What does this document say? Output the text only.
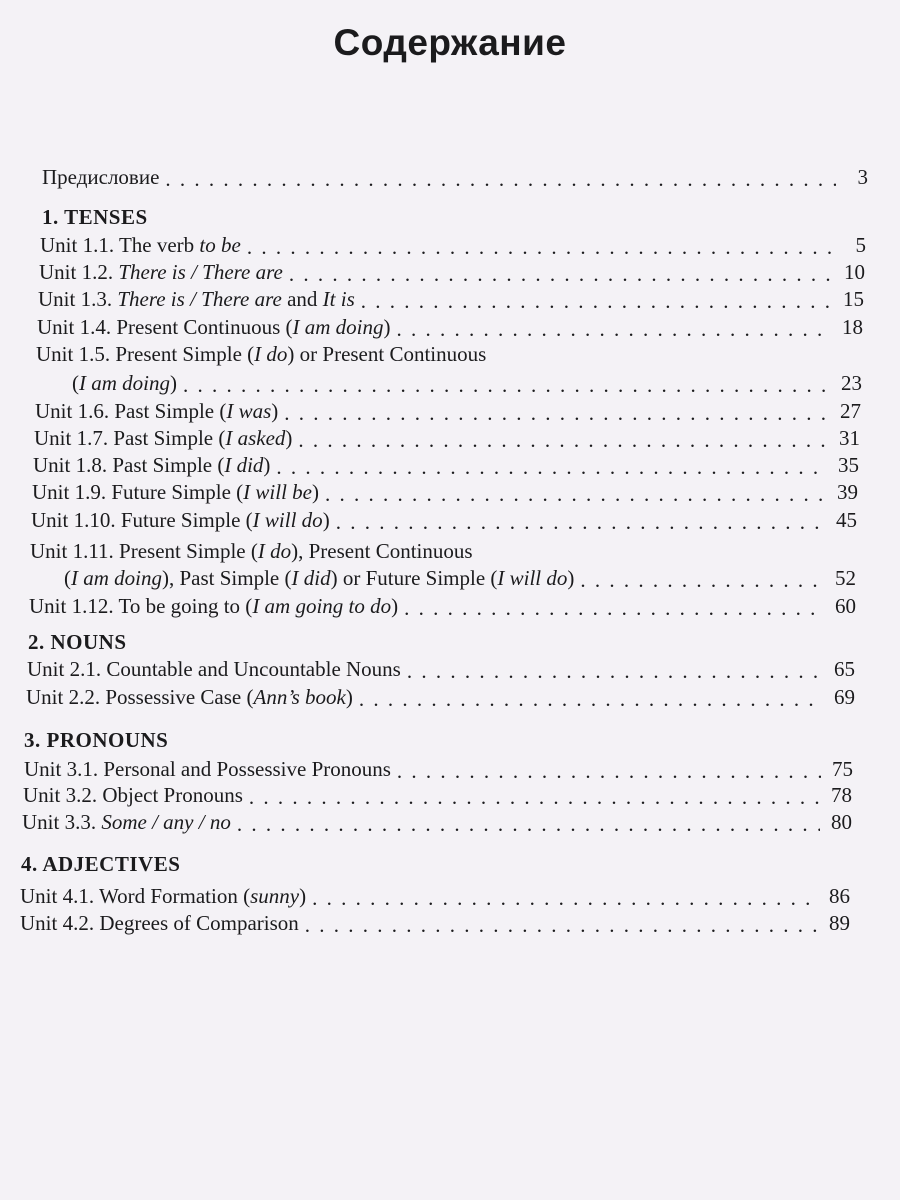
Содержание
Предисловие . . .	3
1. TENSES
Unit 1.1. The verb to be . . .	5
Unit 1.2. There is / There are . . .	10
Unit 1.3. There is / There are and It is . . .	15
Unit 1.4. Present Continuous (I am doing) . . .	18
Unit 1.5. Present Simple (I do) or Present Continuous
(I am doing) . . .	23
Unit 1.6. Past Simple (I was) . . .	27
Unit 1.7. Past Simple (I asked) . . .	31
Unit 1.8. Past Simple (I did) . . .	35
Unit 1.9. Future Simple (I will be) . . .	39
Unit 1.10. Future Simple (I will do) . . .	45
Unit 1.11. Present Simple (I do), Present Continuous
(I am doing), Past Simple (I did) or Future Simple (I will do) . . .	52
Unit 1.12. To be going to (I am going to do) . . .	60
2. NOUNS
Unit 2.1. Countable and Uncountable Nouns . . .	65
Unit 2.2. Possessive Case (Ann’s book) . . .	69
3. PRONOUNS
Unit 3.1. Personal and Possessive Pronouns . . .	75
Unit 3.2. Object Pronouns . . .	78
Unit 3.3. Some / any / no . . .	80
4. ADJECTIVES
Unit 4.1. Word Formation (sunny) . . .	86
Unit 4.2. Degrees of Comparison . . .	89
